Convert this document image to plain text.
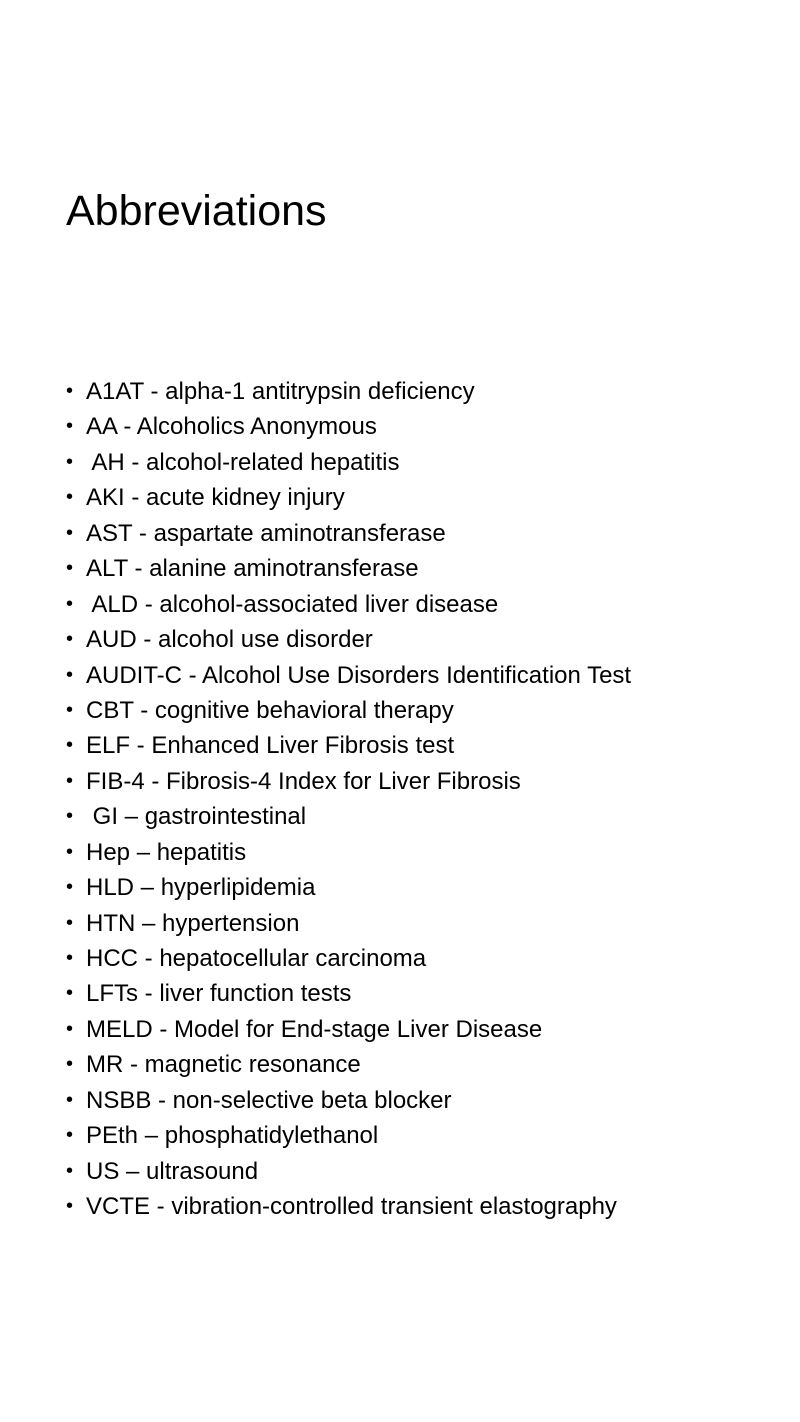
Abbreviations
• A1AT - alpha-1 antitrypsin deficiency
• AA - Alcoholics Anonymous
• AH - alcohol-related hepatitis
• AKI - acute kidney injury
• AST - aspartate aminotransferase
• ALT - alanine aminotransferase
• ALD - alcohol-associated liver disease
• AUD - alcohol use disorder
• AUDIT-C - Alcohol Use Disorders Identification Test
• CBT - cognitive behavioral therapy
• ELF - Enhanced Liver Fibrosis test
• FIB-4 - Fibrosis-4 Index for Liver Fibrosis
• GI – gastrointestinal
• Hep – hepatitis
• HLD – hyperlipidemia
• HTN – hypertension
• HCC - hepatocellular carcinoma
• LFTs - liver function tests
• MELD - Model for End-stage Liver Disease
• MR - magnetic resonance
• NSBB - non-selective beta blocker
• PEth – phosphatidylethanol
• US – ultrasound
• VCTE - vibration-controlled transient elastography
